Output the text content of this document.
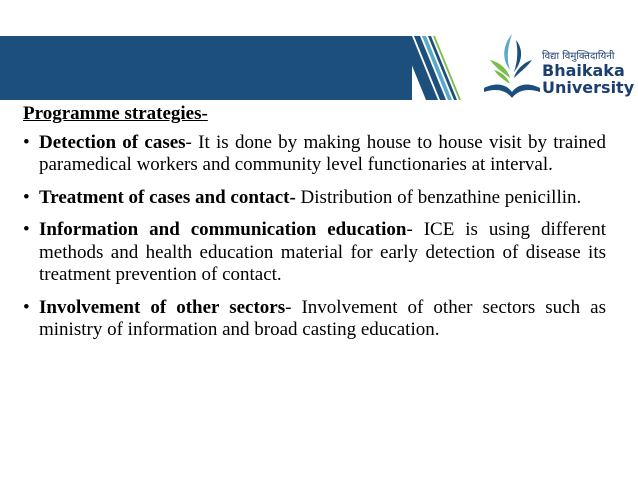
विद्या विमुक्तिदायिनी
Bhaikaka
University
Programme strategies-
• Detection of cases- It is done by making house to house visit by trained paramedical workers and community level functionaries at interval.
• Treatment of cases and contact- Distribution of benzathine penicillin.
• Information and communication education- ICE is using different methods and health education material for early detection of disease its treatment prevention of contact.
• Involvement of other sectors- Involvement of other sectors such as ministry of information and broad casting education.
